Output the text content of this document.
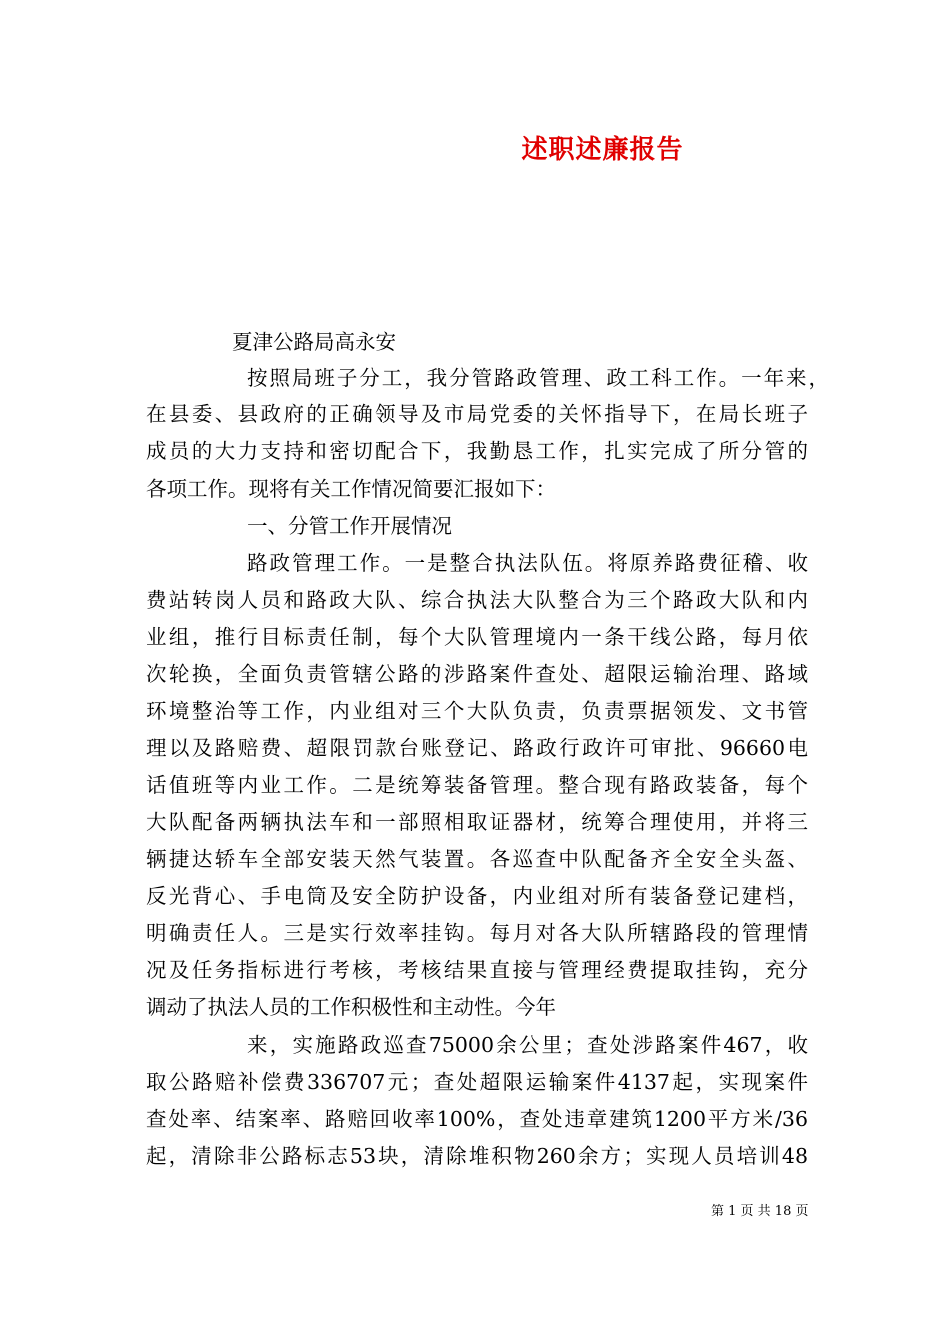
述职述廉报告
夏津公路局高永安
按照局班子分工，我分管路政管理、政工科工作。一年来，
在县委、县政府的正确领导及市局党委的关怀指导下，在局长班子
成员的大力支持和密切配合下，我勤恳工作，扎实完成了所分管的
各项工作。现将有关工作情况简要汇报如下：
一、分管工作开展情况
路政管理工作。一是整合执法队伍。将原养路费征稽、收
费站转岗人员和路政大队、综合执法大队整合为三个路政大队和内
业组，推行目标责任制，每个大队管理境内一条干线公路，每月依
次轮换，全面负责管辖公路的涉路案件查处、超限运输治理、路域
环境整治等工作，内业组对三个大队负责，负责票据领发、文书管
理以及路赔费、超限罚款台账登记、路政行政许可审批、96660电
话值班等内业工作。二是统筹装备管理。整合现有路政装备，每个
大队配备两辆执法车和一部照相取证器材，统筹合理使用，并将三
辆捷达轿车全部安装天然气装置。各巡查中队配备齐全安全头盔、
反光背心、手电筒及安全防护设备，内业组对所有装备登记建档，
明确责任人。三是实行效率挂钩。每月对各大队所辖路段的管理情
况及任务指标进行考核，考核结果直接与管理经费提取挂钩，充分
调动了执法人员的工作积极性和主动性。今年
来，实施路政巡查75000余公里；查处涉路案件467，收
取公路赔补偿费336707元；查处超限运输案件4137起，实现案件
查处率、结案率、路赔回收率100%，查处违章建筑1200平方米/36
起，清除非公路标志53块，清除堆积物260余方；实现人员培训48
第 1 页 共 18 页
